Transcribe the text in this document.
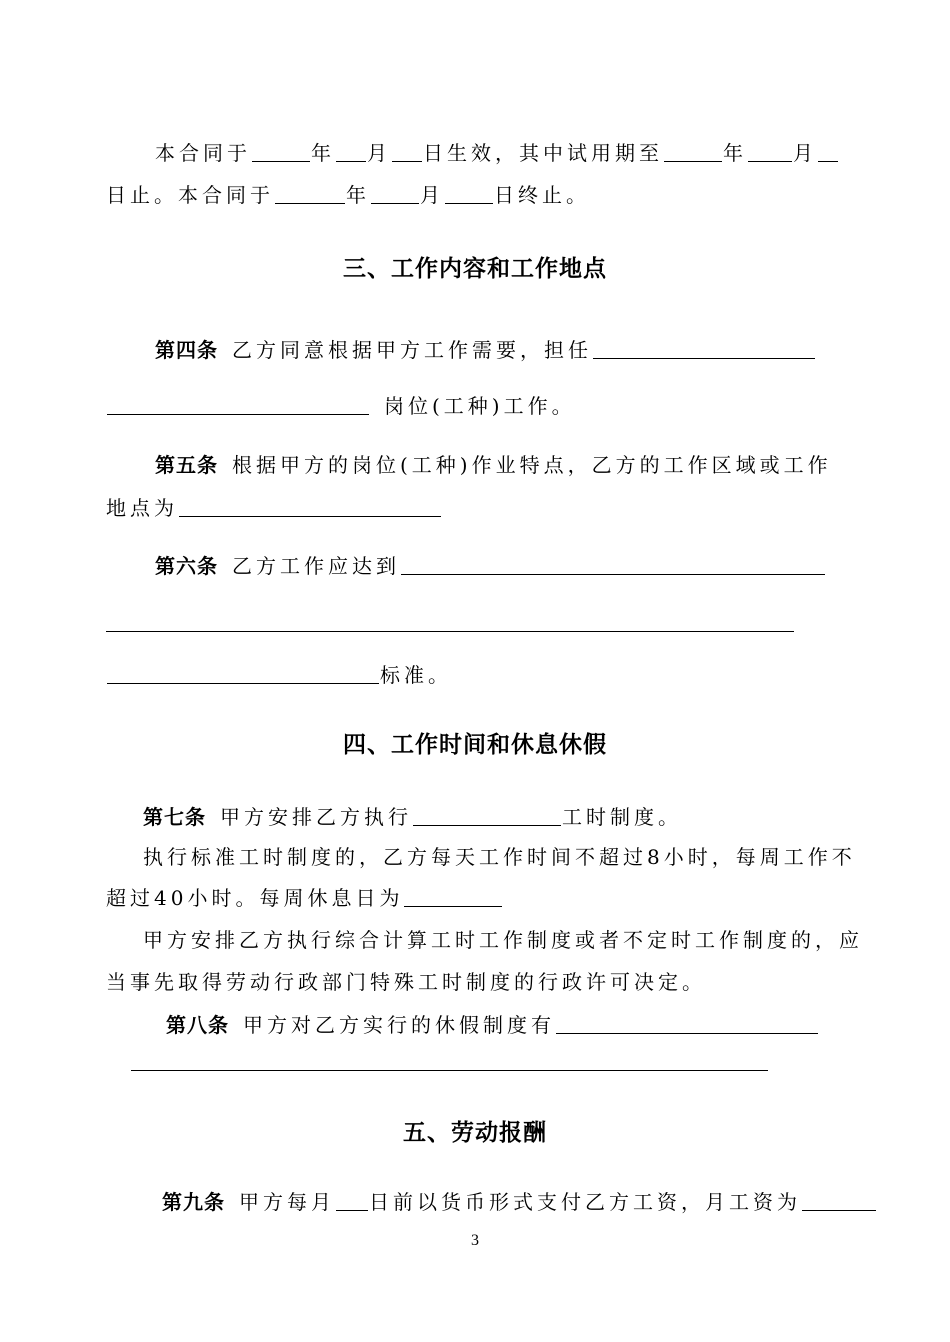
本合同于	年 月 日生效，其中试用期至	年 月
日止。本合同于	年	月	日终止。
三、工作内容和工作地点
第四条 乙方同意根据甲方工作需要，担任
岗位(工种)工作。
第五条 根据甲方的岗位(工种)作业特点，乙方的工作区域或工作
地点为
第六条 乙方工作应达到
标准。
四、工作时间和休息休假
第七条 甲方安排乙方执行	工时制度。
执行标准工时制度的，乙方每天工作时间不超过8小时，每周工作不
超过40小时。每周休息日为
甲方安排乙方执行综合计算工时工作制度或者不定时工作制度的，应
当事先取得劳动行政部门特殊工时制度的行政许可决定。
第八条 甲方对乙方实行的休假制度有
五、劳动报酬
第九条 甲方每月 日前以货币形式支付乙方工资，月工资为
3
